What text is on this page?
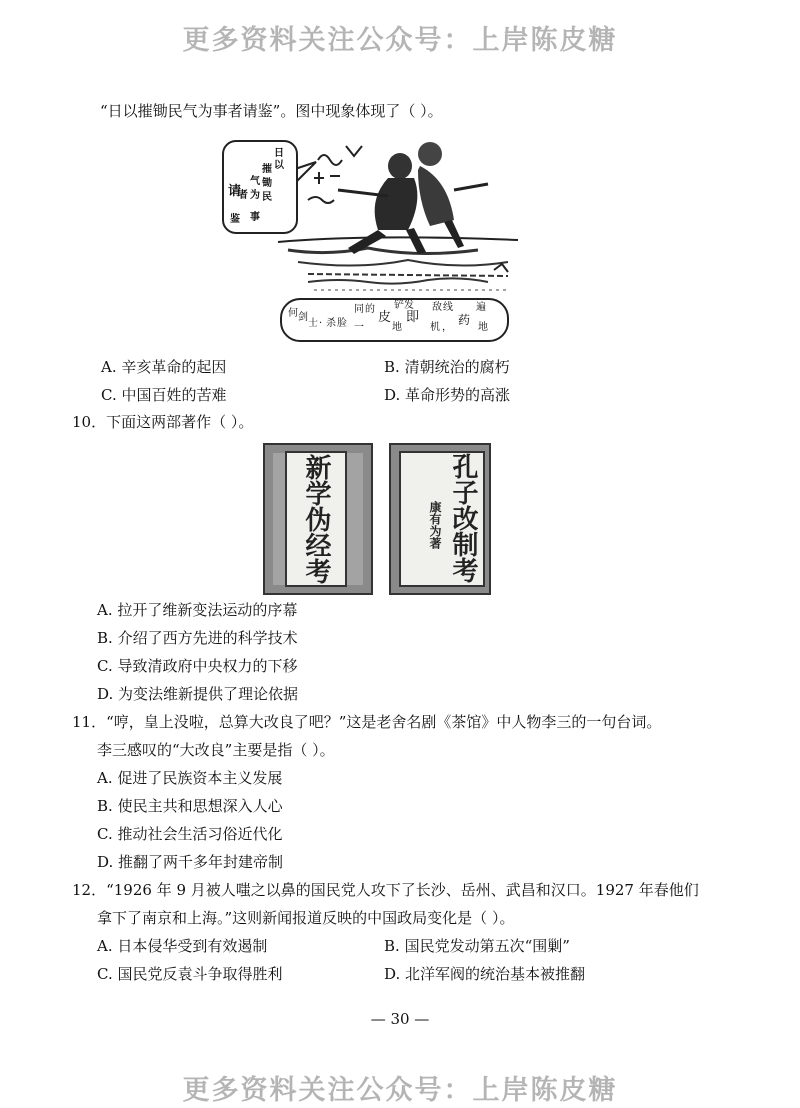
更多资料关注公众号：上岸陈皮糖
“日以摧锄民气为事者请鉴”。图中现象体现了（ ）。
日
以
摧
锄
民
气
为
事
者
请
鉴
何 剑
士 · 杀 脸
同 的
一
皮
地
即
铲 发
机 ，
敌 线
药
遍
地
A. 辛亥革命的起因	B. 清朝统治的腐朽
C. 中国百姓的苦难	D. 革命形势的高涨
10．下面这两部著作（ ）。
新学伪经考	孔子改制考
康有为著
A. 拉开了维新变法运动的序幕
B. 介绍了西方先进的科学技术
C. 导致清政府中央权力的下移
D. 为变法维新提供了理论依据
11．“哼，皇上没啦，总算大改良了吧？”这是老舍名剧《茶馆》中人物李三的一句台词。
李三感叹的“大改良”主要是指（ ）。
A. 促进了民族资本主义发展
B. 使民主共和思想深入人心
C. 推动社会生活习俗近代化
D. 推翻了两千多年封建帝制
12．“1926 年 9 月被人嗤之以鼻的国民党人攻下了长沙、岳州、武昌和汉口。1927 年春他们
拿下了南京和上海。”这则新闻报道反映的中国政局变化是（ ）。
A. 日本侵华受到有效遏制	B. 国民党发动第五次“围剿”
C. 国民党反袁斗争取得胜利	D. 北洋军阀的统治基本被推翻
— 30 —
更多资料关注公众号：上岸陈皮糖
